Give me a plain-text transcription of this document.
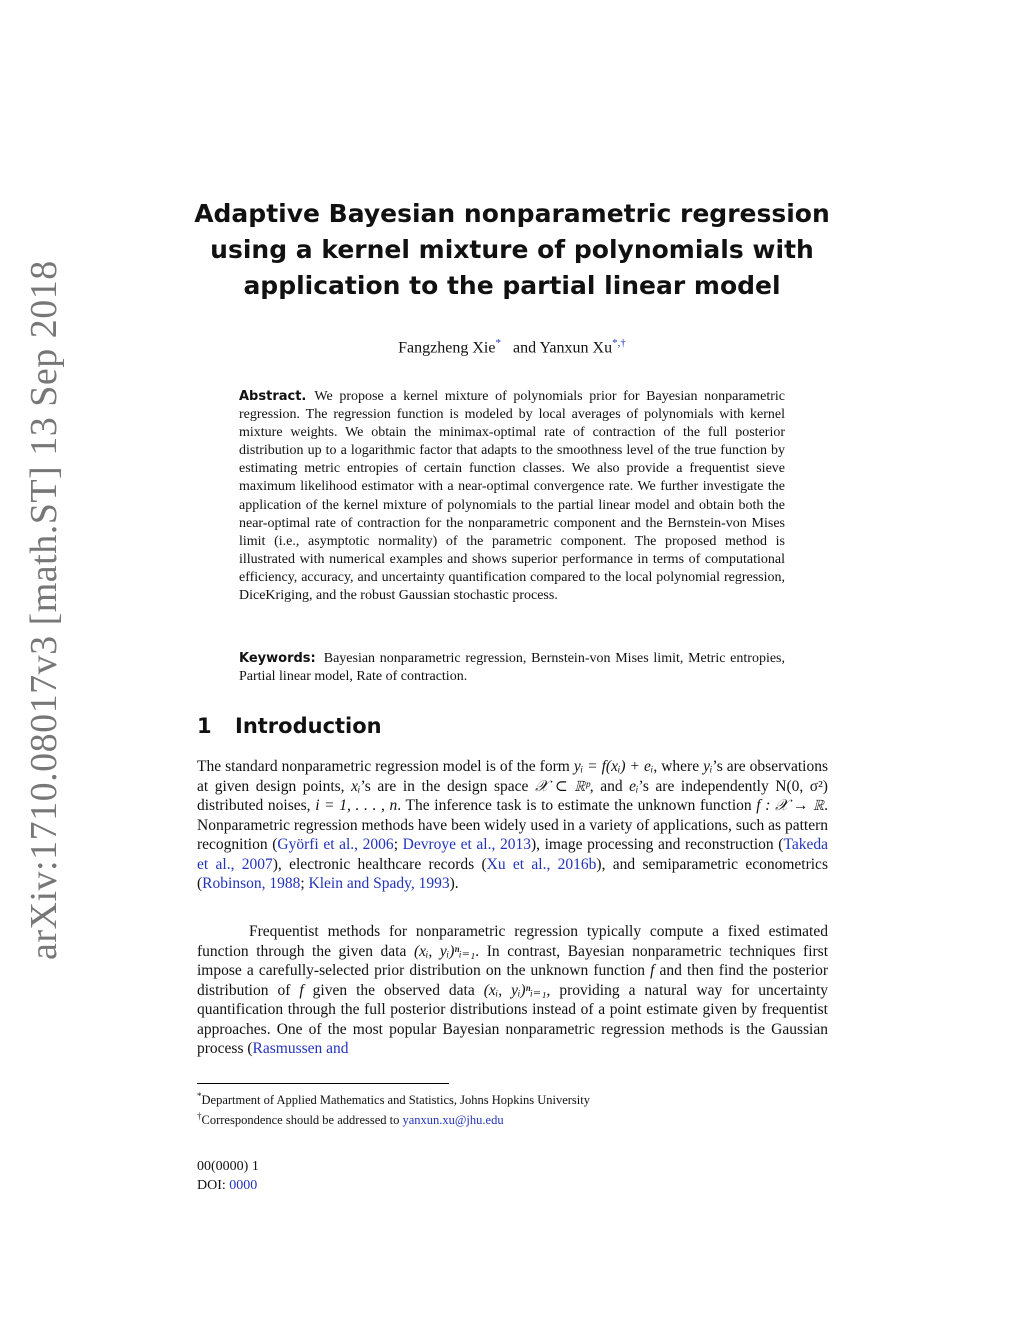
arXiv:1710.08017v3 [math.ST] 13 Sep 2018
Adaptive Bayesian nonparametric regression
using a kernel mixture of polynomials with
application to the partial linear model
Fangzheng Xie* and Yanxun Xu*,†
Abstract. We propose a kernel mixture of polynomials prior for Bayesian nonparametric regression. The regression function is modeled by local averages of polynomials with kernel mixture weights. We obtain the minimax-optimal rate of contraction of the full posterior distribution up to a logarithmic factor that adapts to the smoothness level of the true function by estimating metric entropies of certain function classes. We also provide a frequentist sieve maximum likelihood estimator with a near-optimal convergence rate. We further investigate the application of the kernel mixture of polynomials to the partial linear model and obtain both the near-optimal rate of contraction for the nonparametric component and the Bernstein-von Mises limit (i.e., asymptotic normality) of the parametric component. The proposed method is illustrated with numerical examples and shows superior performance in terms of computational efficiency, accuracy, and uncertainty quantification compared to the local polynomial regression, DiceKriging, and the robust Gaussian stochastic process.
Keywords: Bayesian nonparametric regression, Bernstein-von Mises limit, Metric entropies, Partial linear model, Rate of contraction.
1 Introduction
The standard nonparametric regression model is of the form yᵢ = f(xᵢ) + eᵢ, where yᵢ’s are observations at given design points, xᵢ’s are in the design space 𝒳 ⊂ ℝᵖ, and eᵢ’s are independently N(0, σ²) distributed noises, i = 1, . . . , n. The inference task is to estimate the unknown function f : 𝒳 → ℝ. Nonparametric regression methods have been widely used in a variety of applications, such as pattern recognition (Györfi et al., 2006; Devroye et al., 2013), image processing and reconstruction (Takeda et al., 2007), electronic healthcare records (Xu et al., 2016b), and semiparametric econometrics (Robinson, 1988; Klein and Spady, 1993).
Frequentist methods for nonparametric regression typically compute a fixed estimated function through the given data (xᵢ, yᵢ)ⁿᵢ₌₁. In contrast, Bayesian nonparametric techniques first impose a carefully-selected prior distribution on the unknown function f and then find the posterior distribution of f given the observed data (xᵢ, yᵢ)ⁿᵢ₌₁, providing a natural way for uncertainty quantification through the full posterior distributions instead of a point estimate given by frequentist approaches. One of the most popular Bayesian nonparametric regression methods is the Gaussian process (Rasmussen and
*Department of Applied Mathematics and Statistics, Johns Hopkins University
†Correspondence should be addressed to yanxun.xu@jhu.edu
00(0000) 1
DOI: 0000
